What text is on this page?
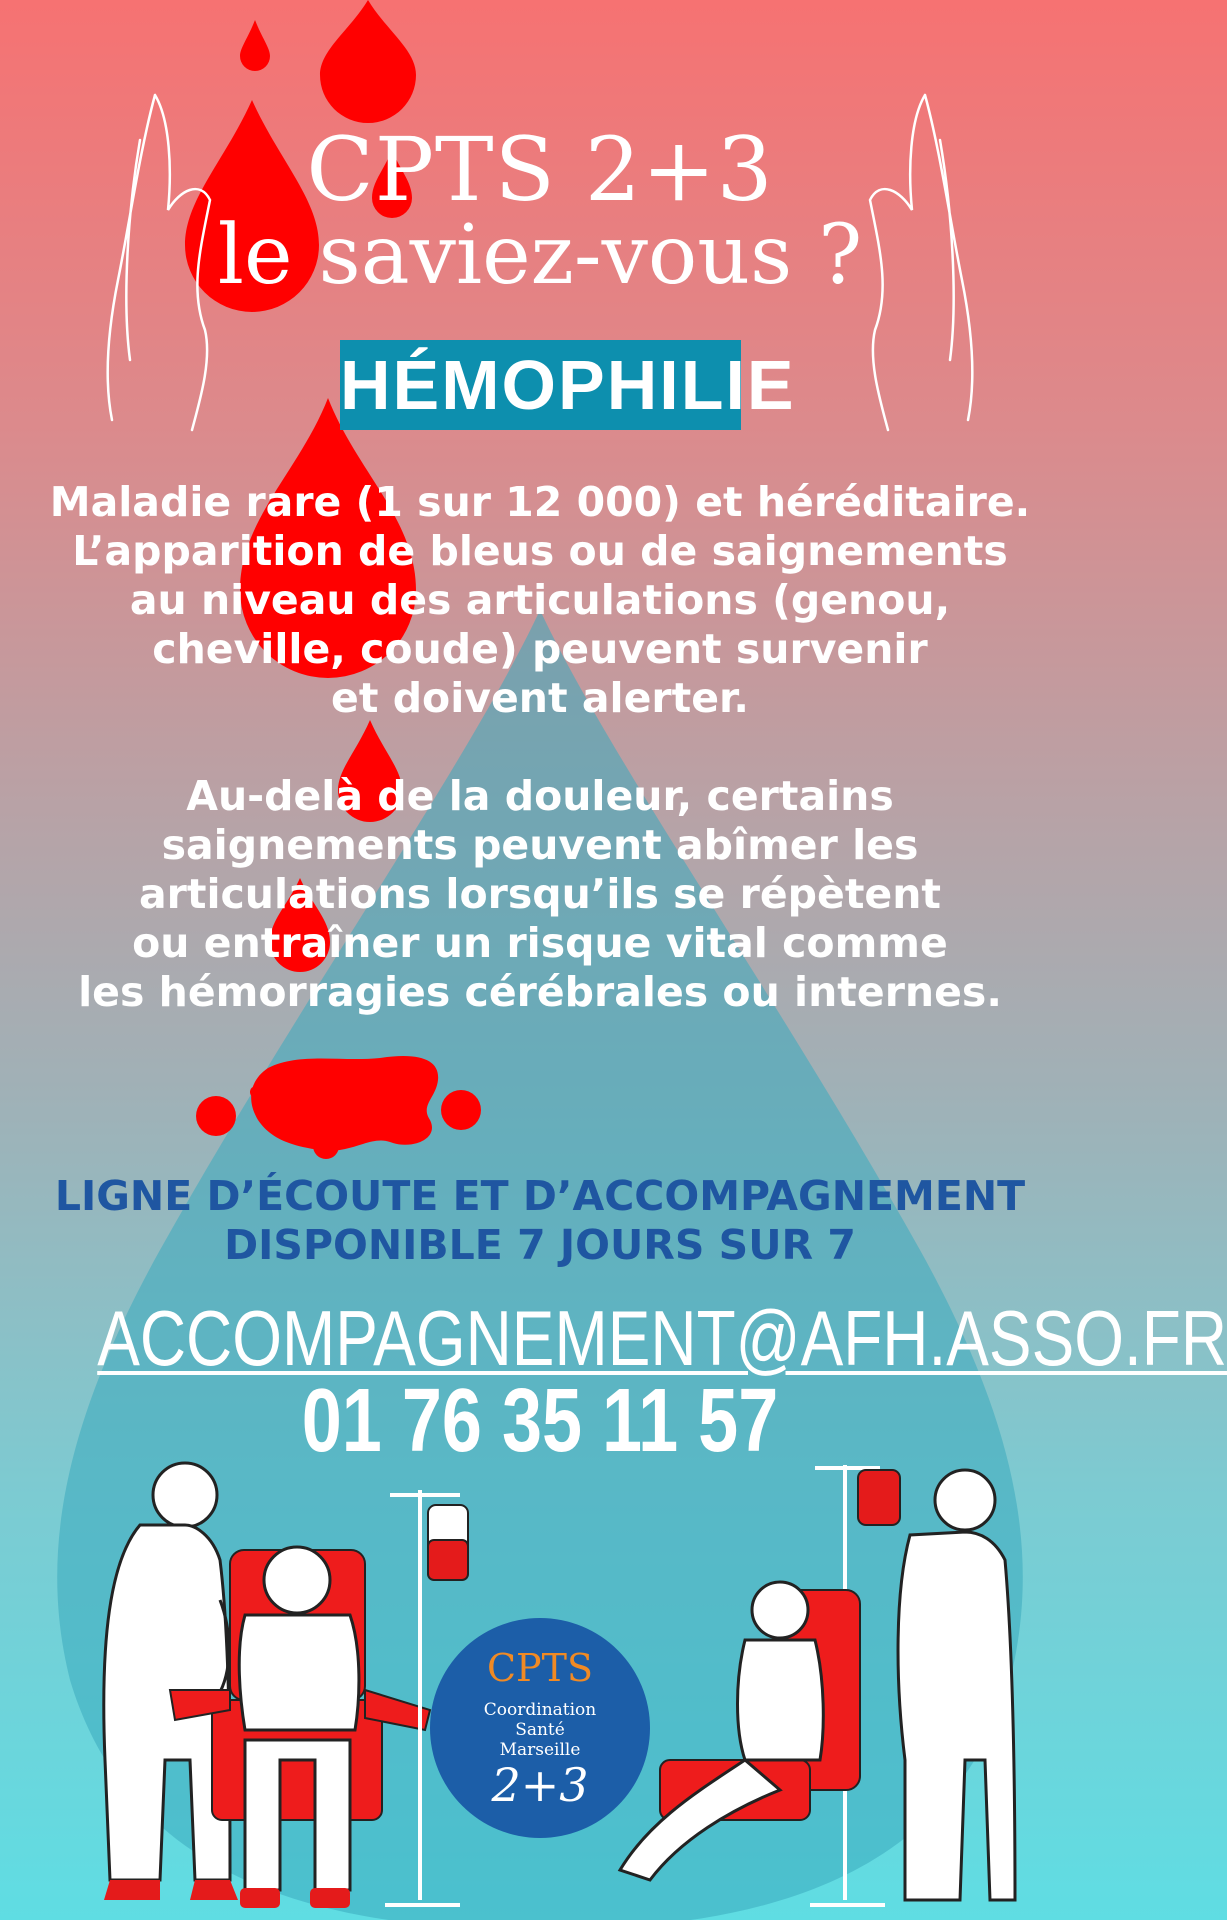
CPTS 2+3
le saviez-vous ?
HÉMOPHILIE
Maladie rare (1 sur 12 000) et héréditaire.
L’apparition de bleus ou de saignements
au niveau des articulations (genou,
cheville, coude) peuvent survenir
et doivent alerter.
Au-delà de la douleur, certains
saignements peuvent abîmer les
articulations lorsqu’ils se répètent
ou entraîner un risque vital comme
les hémorragies cérébrales ou internes.
LIGNE D’ÉCOUTE ET D’ACCOMPAGNEMENT
DISPONIBLE 7 JOURS SUR 7
ACCOMPAGNEMENT@AFH.ASSO.FR
01 76 35 11 57
CPTS
Coordination
Santé
Marseille
2+3
